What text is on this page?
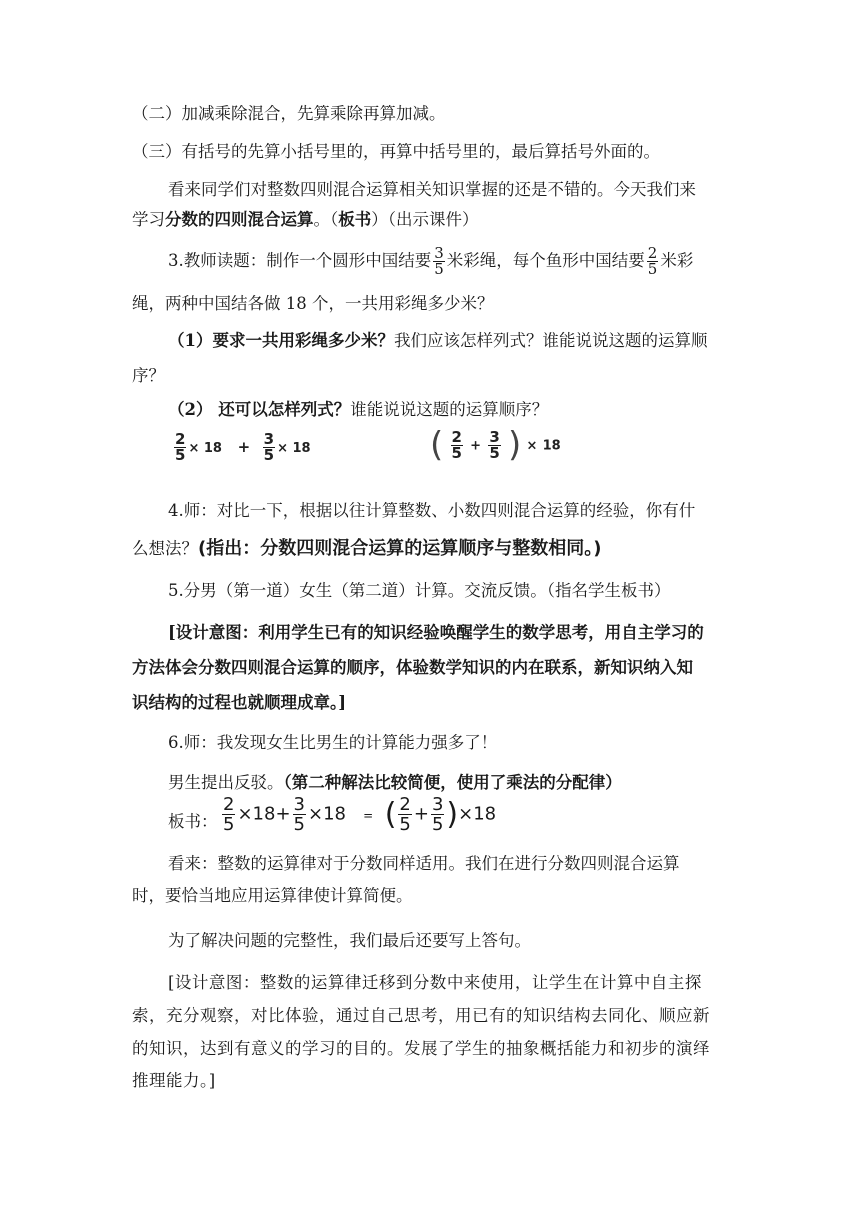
（二）加减乘除混合，先算乘除再算加减。
（三）有括号的先算小括号里的，再算中括号里的，最后算括号外面的。
看来同学们对整数四则混合运算相关知识掌握的还是不错的。今天我们来
学习分数的四则混合运算。（板书）（出示课件）
3.教师读题：制作一个圆形中国结要 $\frac{3}{5}$ 米彩绳，每个鱼形中国结要 $\frac{2}{5}$ 米彩
绳，两种中国结各做 18 个，一共用彩绳多少米？
（1）要求一共用彩绳多少米？我们应该怎样列式？谁能说说这题的运算顺
序？
（2） 还可以怎样列式？谁能说说这题的运算顺序？
$\frac{2}{5} \times 18 + \frac{3}{5} \times 18$	( $\frac{2}{5} + \frac{3}{5}$ ) × 18
4.师：对比一下，根据以往计算整数、小数四则混合运算的经验，你有什
么想法？(指出：分数四则混合运算的运算顺序与整数相同。)
5.分男（第一道）女生（第二道）计算。交流反馈。（指名学生板书）
[设计意图：利用学生已有的知识经验唤醒学生的数学思考，用自主学习的
方法体会分数四则混合运算的顺序，体验数学知识的内在联系，新知识纳入知
识结构的过程也就顺理成章。]
6.师：我发现女生比男生的计算能力强多了！
男生提出反驳。（第二种解法比较简便，使用了乘法的分配律）
板书： $\frac{2}{5} \times 18+ \frac{3}{5} \times 18$ = ( $\frac{2}{5} + \frac{3}{5} )\times 18$
看来：整数的运算律对于分数同样适用。我们在进行分数四则混合运算
时，要恰当地应用运算律使计算简便。
为了解决问题的完整性，我们最后还要写上答句。
[设计意图：整数的运算律迁移到分数中来使用，让学生在计算中自主探
索，充分观察，对比体验，通过自己思考，用已有的知识结构去同化、顺应新
的知识，达到有意义的学习的目的。发展了学生的抽象概括能力和初步的演绎
推理能力。]
